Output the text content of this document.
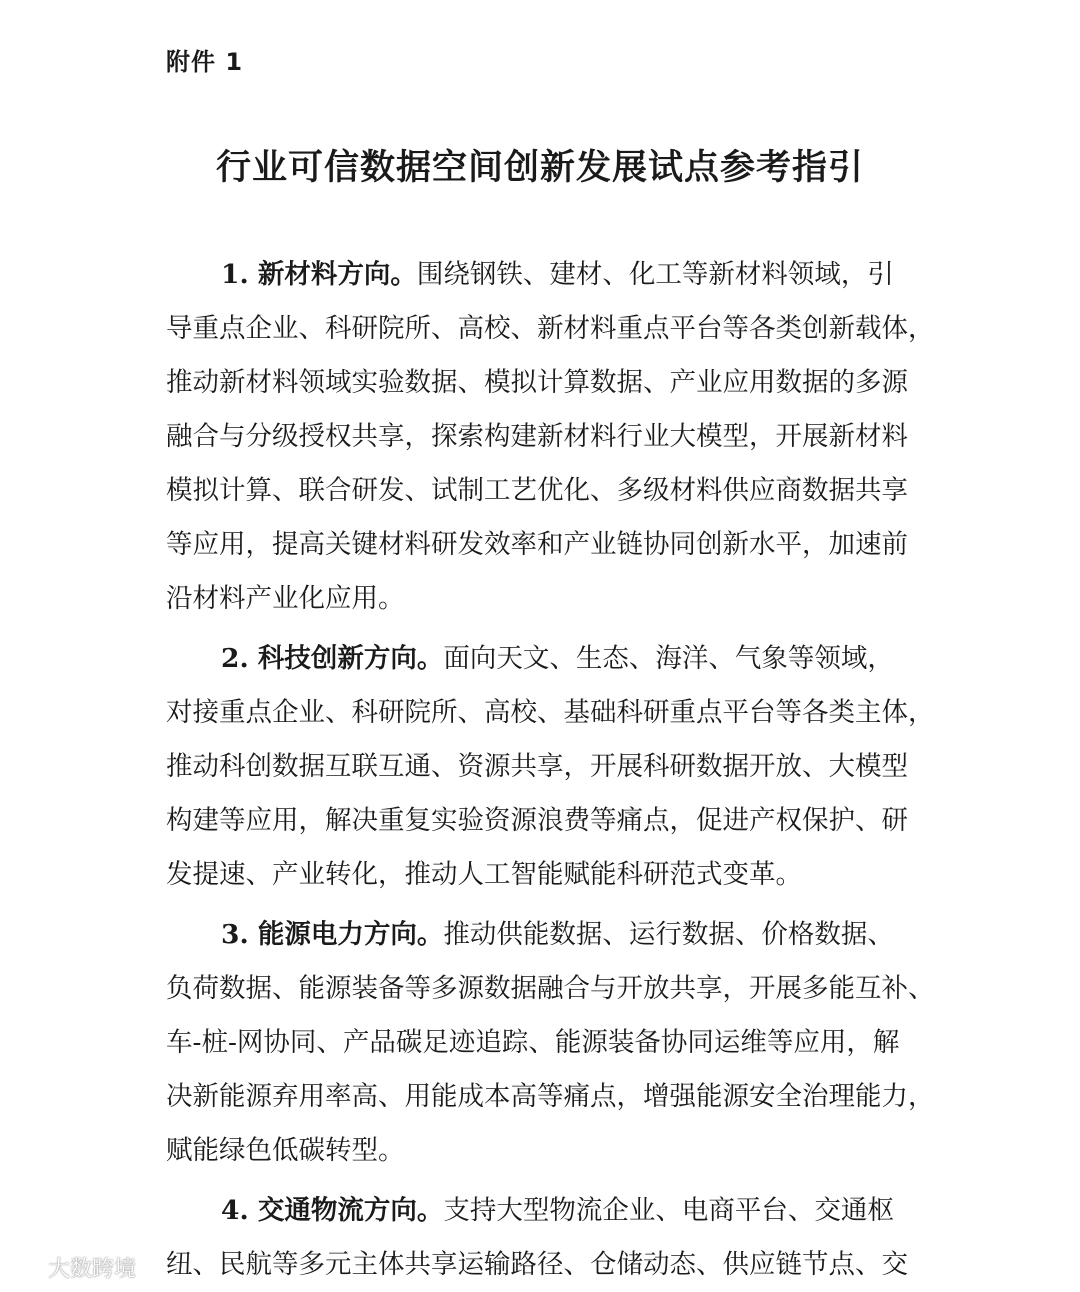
附件 1
行业可信数据空间创新发展试点参考指引
1. 新材料方向。围绕钢铁、建材、化工等新材料领域，引
导重点企业、科研院所、高校、新材料重点平台等各类创新载体，
推动新材料领域实验数据、模拟计算数据、产业应用数据的多源
融合与分级授权共享，探索构建新材料行业大模型，开展新材料
模拟计算、联合研发、试制工艺优化、多级材料供应商数据共享
等应用，提高关键材料研发效率和产业链协同创新水平，加速前
沿材料产业化应用。
2. 科技创新方向。面向天文、生态、海洋、气象等领域，
对接重点企业、科研院所、高校、基础科研重点平台等各类主体，
推动科创数据互联互通、资源共享，开展科研数据开放、大模型
构建等应用，解决重复实验资源浪费等痛点，促进产权保护、研
发提速、产业转化，推动人工智能赋能科研范式变革。
3. 能源电力方向。推动供能数据、运行数据、价格数据、
负荷数据、能源装备等多源数据融合与开放共享，开展多能互补、
车-桩-网协同、产品碳足迹追踪、能源装备协同运维等应用，解
决新能源弃用率高、用能成本高等痛点，增强能源安全治理能力，
赋能绿色低碳转型。
4. 交通物流方向。支持大型物流企业、电商平台、交通枢
纽、民航等多元主体共享运输路径、仓储动态、供应链节点、交
大数跨境
